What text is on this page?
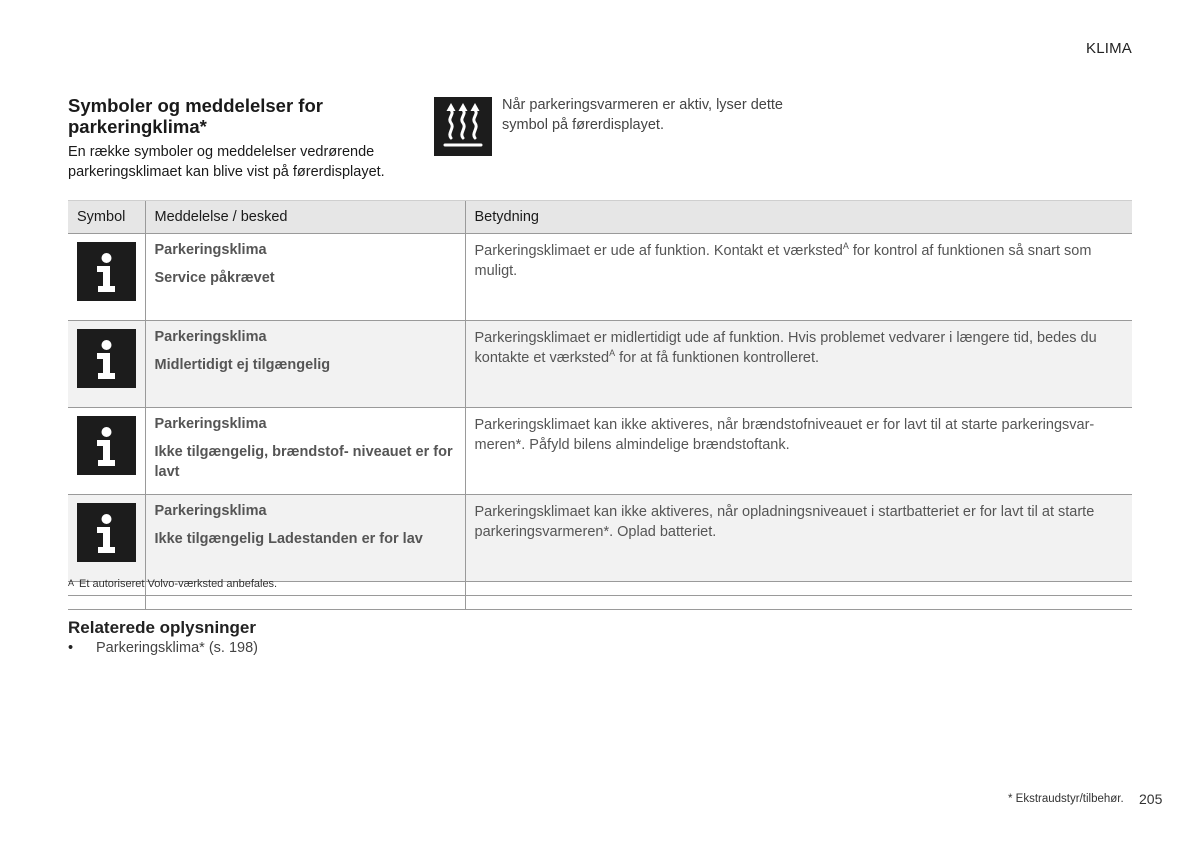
KLIMA
Symboler og meddelelser for parkeringklima*

En række symboler og meddelelser vedrørende parkeringsklimaet kan blive vist på førerdisplayet.

Når parkeringsvarmeren er aktiv, lyser dette symbol på førerdisplayet.
Symbol	Meddelelse / besked	Betydning

Parkeringsklima
Service påkrævet	Parkeringsklimaet er ude af funktion. Kontakt et værksted$^A$ for kontrol af funktionen så snart som muligt.

Parkeringsklima
Midlertidigt ej tilgængelig	Parkeringsklimaet er midlertidigt ude af funktion. Hvis problemet vedvarer i længere tid, bedes du kontakte et værksted$^A$ for at få funktionen kontrolleret.

Parkeringsklima
Ikke tilgængelig, brændstof- niveauet er for lavt	Parkeringsklimaet kan ikke aktiveres, når brændstofniveauet er for lavt til at starte parkeringsvar- meren*. Påfyld bilens almindelige brændstoftank.

Parkeringsklima
Ikke tilgængelig Ladestanden er for lav	Parkeringsklimaet kan ikke aktiveres, når opladningsniveauet i startbatteriet er for lavt til at starte parkeringsvarmeren*. Oplad batteriet.

A Et autoriseret Volvo-værksted anbefales.
Relaterede oplysninger
• Parkeringsklima* (s. 198)
* Ekstraudstyr/tilbehør. 205
